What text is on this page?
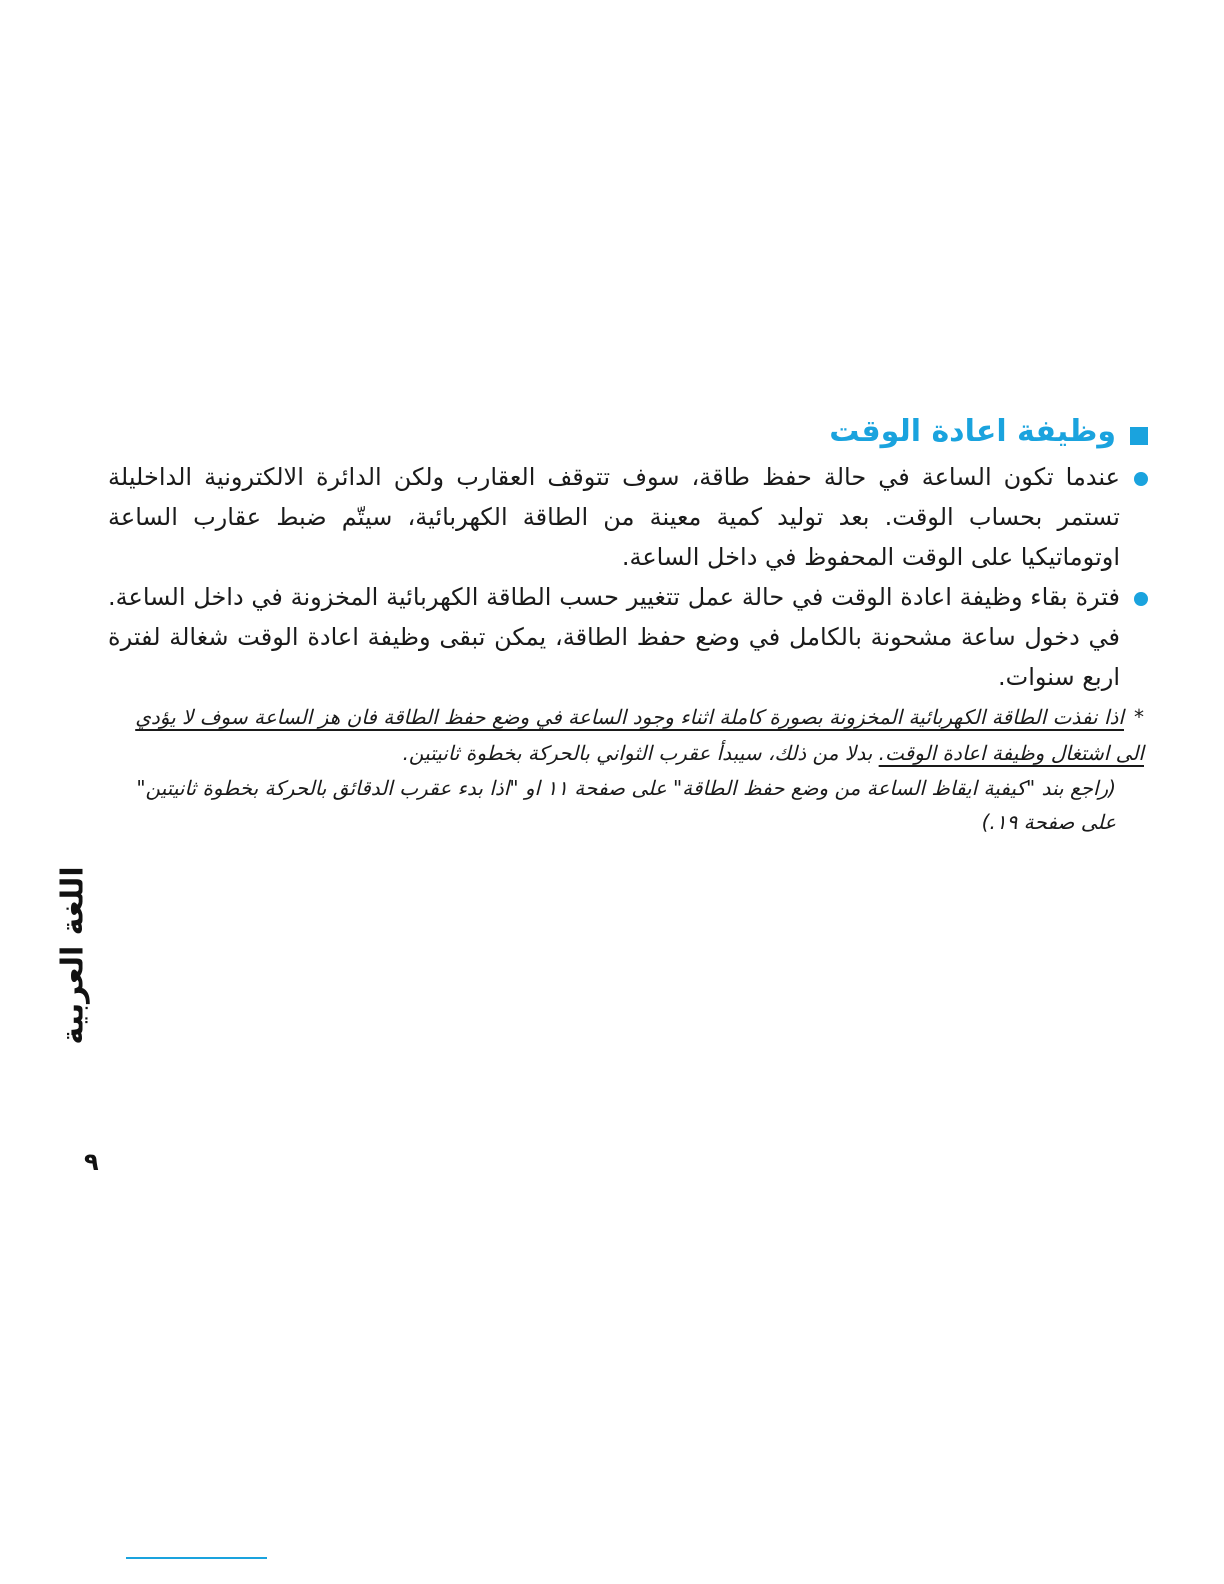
وظيفة اعادة الوقت

عندما تكون الساعة في حالة حفظ طاقة، سوف تتوقف العقارب ولكن الدائرة الالكترونية الداخليلة تستمر بحساب الوقت. بعد توليد كمية معينة من الطاقة الكهربائية، سيتّم ضبط عقارب الساعة اوتوماتيكيا على الوقت المحفوظ في داخل الساعة.

فترة بقاء وظيفة اعادة الوقت في حالة عمل تتغيير حسب الطاقة الكهربائية المخزونة في داخل الساعة. في دخول ساعة مشحونة بالكامل في وضع حفظ الطاقة، يمكن تبقى وظيفة اعادة الوقت شغالة لفترة اربع سنوات.

*اذا نفذت الطاقة الكهربائية المخزونة بصورة كاملة اثناء وجود الساعة في وضع حفظ الطاقة فان هز الساعة سوف لا يؤدي الى اشتغال وظيفة اعادة الوقت. بدلا من ذلك، سيبدأ عقرب الثواني بالحركة بخطوة ثانيتين.
(راجع بند "كيفية ايقاظ الساعة من وضع حفظ الطاقة" على صفحة ١١ او "اذا بدء عقرب الدقائق بالحركة بخطوة ثانيتين" على صفحة ١٩.)
اللغة العربية
٩
